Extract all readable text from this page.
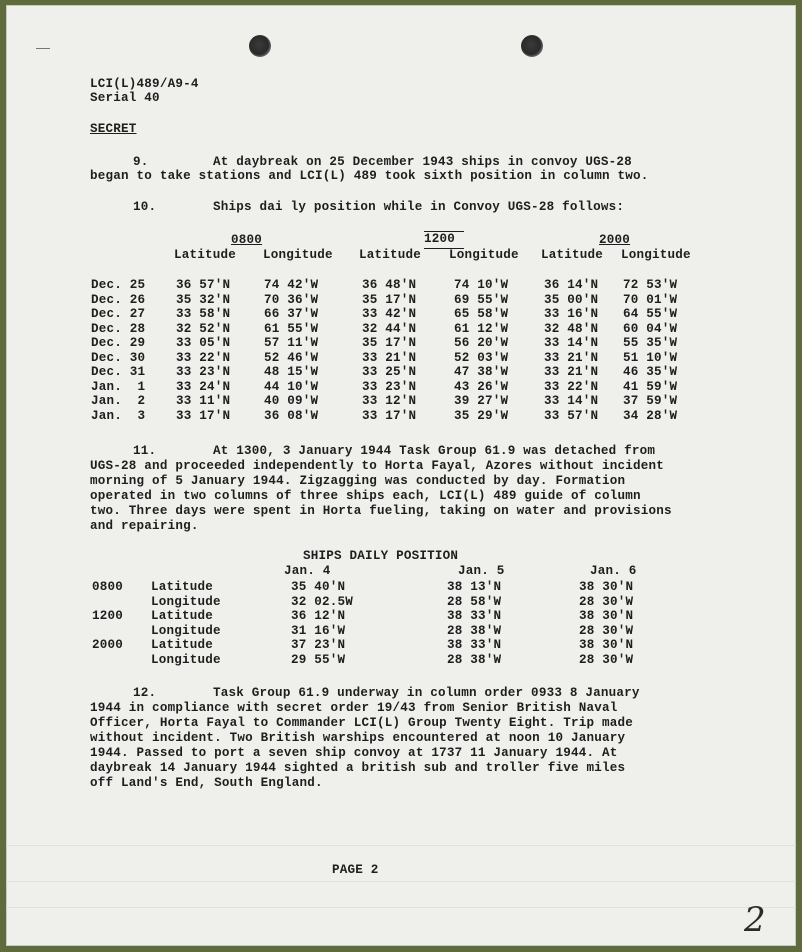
LCI(L)489/A9-4
Serial 40
SECRET
9.	At daybreak on 25 December 1943 ships in convoy UGS-28
began to take stations and LCI(L) 489 took sixth position in column two.
10.	Ships dai ly position while in Convoy UGS-28 follows:
0800	1200	2000
Latitude Longitude Latitude Longitude Latitude Longitude
Dec. 25 36 57'N	74 42'W	36 48'N	74 10'W	36 14'N 72 53'W
Dec. 26 35 32'N	70 36'W	35 17'N	69 55'W	35 00'N 70 01'W
Dec. 27 33 58'N	66 37'W	33 42'N	65 58'W	33 16'N 64 55'W
Dec. 28 32 52'N	61 55'W	32 44'N	61 12'W	32 48'N 60 04'W
Dec. 29 33 05'N	57 11'W	35 17'N	56 20'W	33 14'N 55 35'W
Dec. 30 33 22'N	52 46'W	33 21'N	52 03'W	33 21'N 51 10'W
Dec. 31 33 23'N	48 15'W	33 25'N	47 38'W	33 21'N 46 35'W
Jan.  1 33 24'N	44 10'W	33 23'N	43 26'W	33 22'N 41 59'W
Jan.  2 33 11'N	40 09'W	33 12'N	39 27'W	33 14'N 37 59'W
Jan.  3 33 17'N	36 08'W	33 17'N	35 29'W	33 57'N 34 28'W
11.	At 1300, 3 January 1944 Task Group 61.9 was detached from
UGS-28 and proceeded independently to Horta Fayal, Azores without incident
morning of 5 January 1944. Zigzagging was conducted by day. Formation
operated in two columns of three ships each, LCI(L) 489 guide of column
two. Three days were spent in Horta fueling, taking on water and provisions
and repairing.
SHIPS DAILY POSITION
Jan. 4	Jan. 5	Jan. 6
0800 Latitude	35 40'N	38 13'N	38 30'N
Longitude	32 02.5W	28 58'W	28 30'W
1200 Latitude	36 12'N	38 33'N	38 30'N
Longitude	31 16'W	28 38'W	28 30'W
2000 Latitude	37 23'N	38 33'N	38 30'N
Longitude	29 55'W	28 38'W	28 30'W
12.	Task Group 61.9 underway in column order 0933 8 January
1944 in compliance with secret order 19/43 from Senior British Naval
Officer, Horta Fayal to Commander LCI(L) Group Twenty Eight. Trip made
without incident. Two British warships encountered at noon 10 January
1944. Passed to port a seven ship convoy at 1737 11 January 1944. At
daybreak 14 January 1944 sighted a british sub and troller five miles
off Land's End, South England.
PAGE 2
2
